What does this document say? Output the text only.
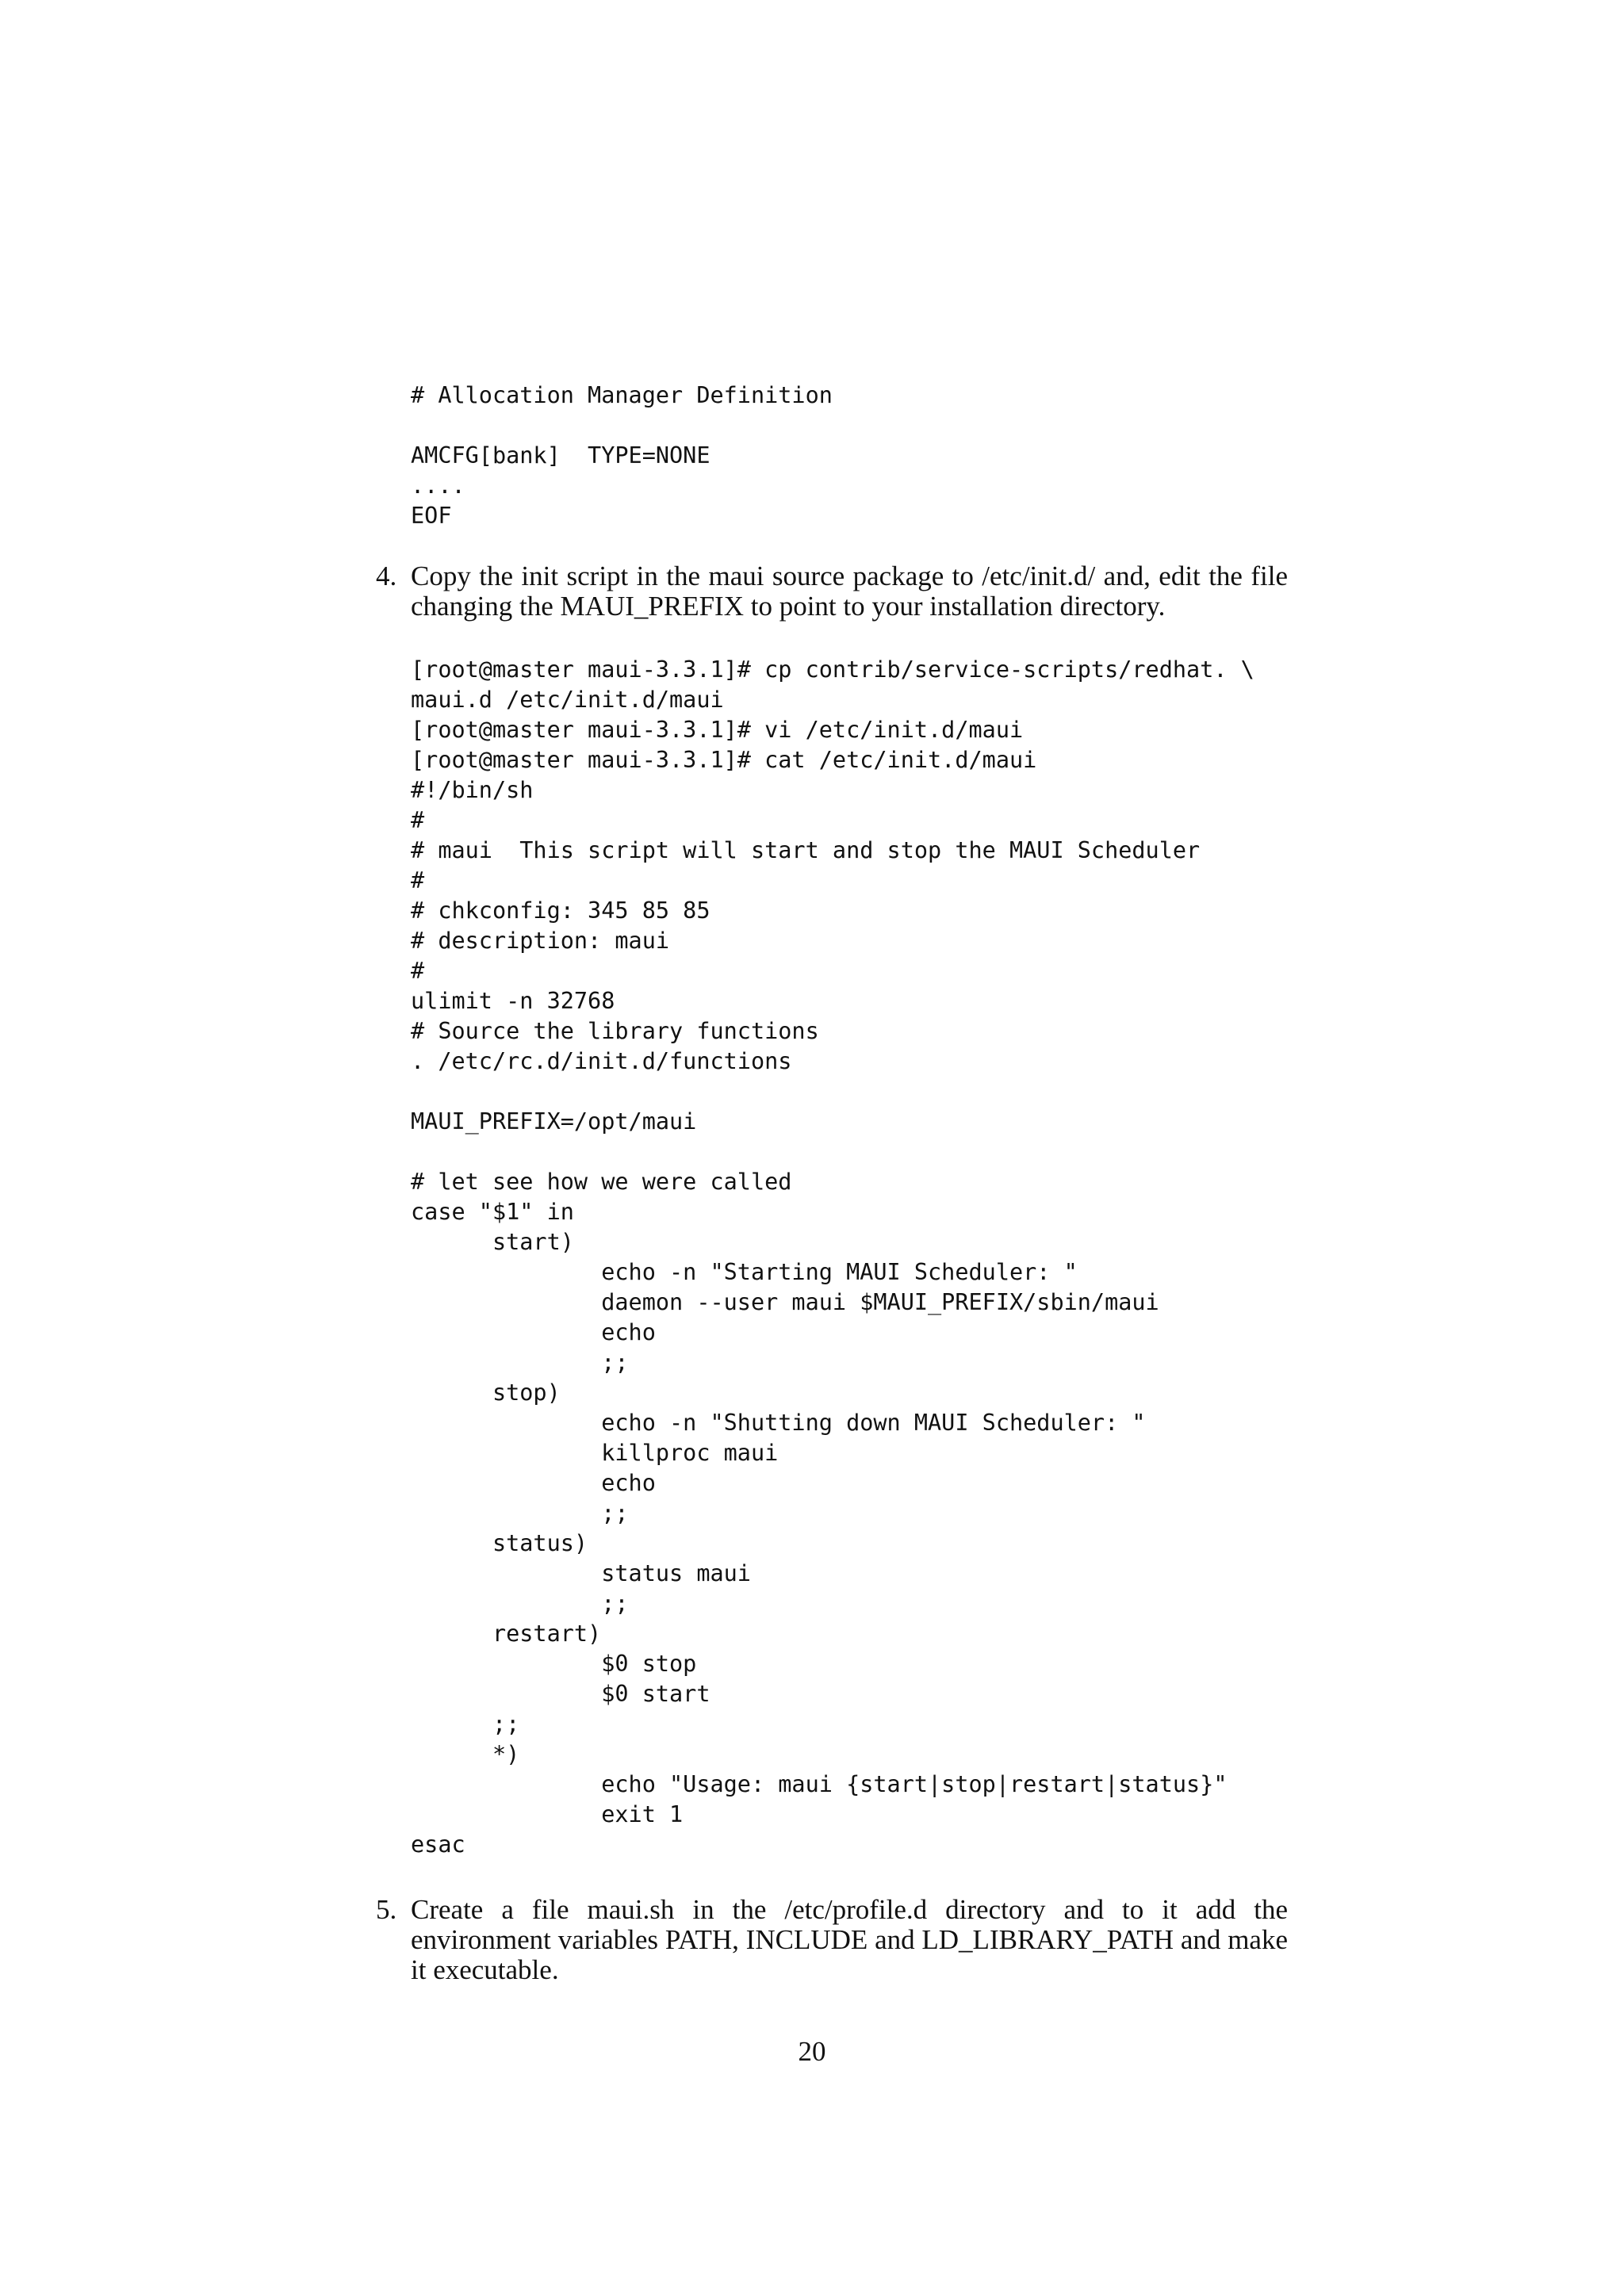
# Allocation Manager Definition

AMCFG[bank]  TYPE=NONE
....
EOF
4. Copy the init script in the maui source package to /etc/init.d/ and, edit the file changing the MAUI_PREFIX to point to your installation directory.
[root@master maui-3.3.1]# cp contrib/service-scripts/redhat. \
maui.d /etc/init.d/maui
[root@master maui-3.3.1]# vi /etc/init.d/maui
[root@master maui-3.3.1]# cat /etc/init.d/maui
#!/bin/sh
#
# maui  This script will start and stop the MAUI Scheduler
#
# chkconfig: 345 85 85
# description: maui
#
ulimit -n 32768
# Source the library functions
. /etc/rc.d/init.d/functions

MAUI_PREFIX=/opt/maui

# let see how we were called
case "$1" in
start)
echo -n "Starting MAUI Scheduler: "
daemon --user maui $MAUI_PREFIX/sbin/maui
echo
;;
stop)
echo -n "Shutting down MAUI Scheduler: "
killproc maui
echo
;;
status)
status maui
;;
restart)
$0 stop
$0 start
;;
*)
echo "Usage: maui {start|stop|restart|status}"
exit 1
esac
5. Create a file maui.sh in the /etc/profile.d directory and to it add the environment variables PATH, INCLUDE and LD_LIBRARY_PATH and make it executable.
20
